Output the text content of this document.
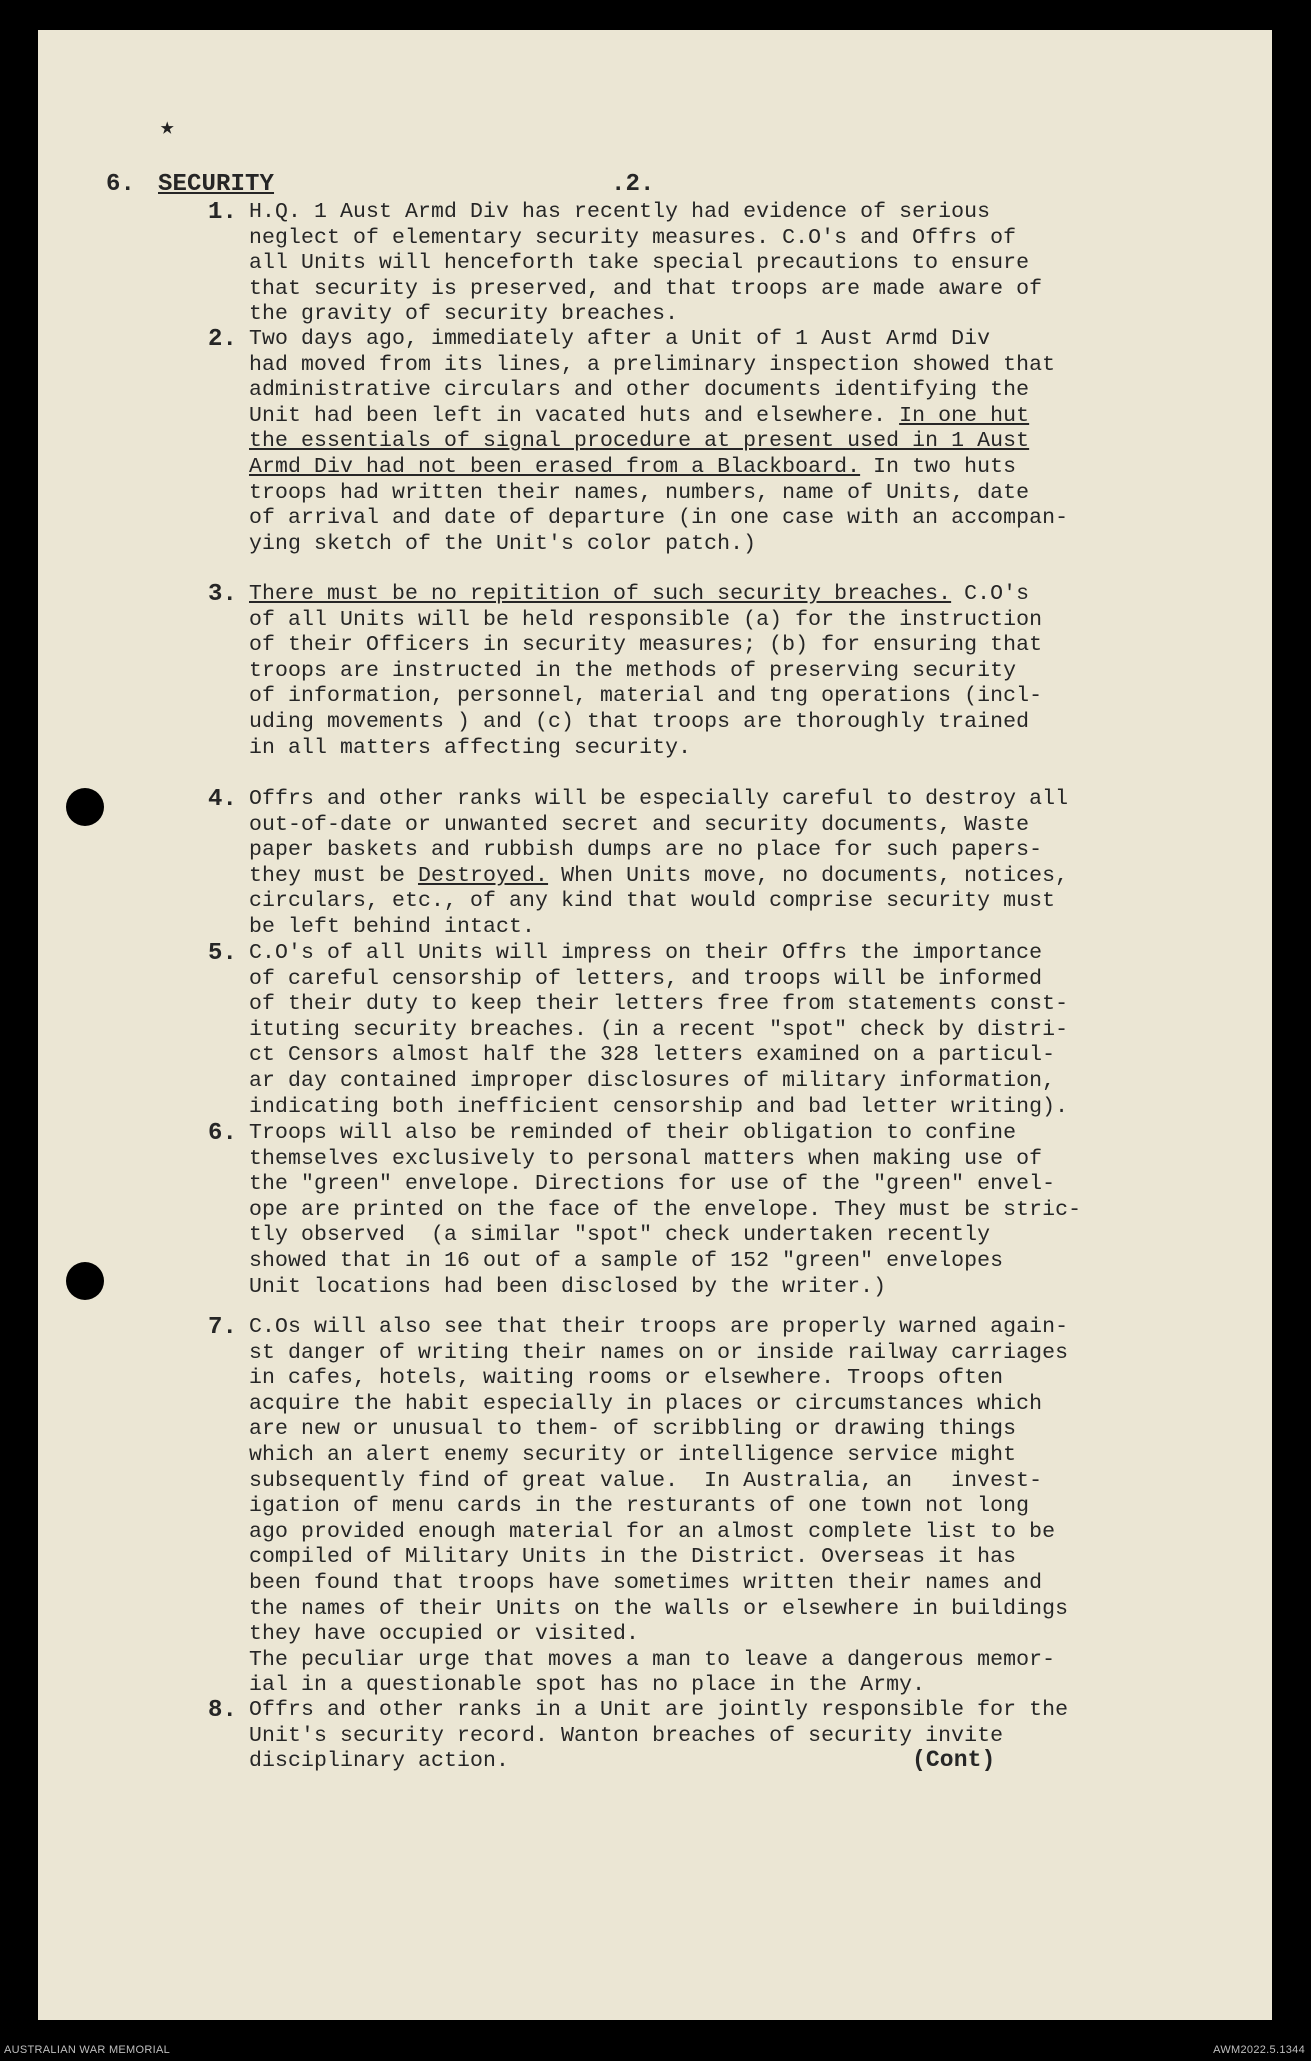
★
6. SECURITY	.2.
1. H.Q. 1 Aust Armd Div has recently had evidence of serious
neglect of elementary security measures. C.O's and Offrs of
all Units will henceforth take special precautions to ensure
that security is preserved, and that troops are made aware of
the gravity of security breaches.
2. Two days ago, immediately after a Unit of 1 Aust Armd Div
had moved from its lines, a preliminary inspection showed that
administrative circulars and other documents identifying the
Unit had been left in vacated huts and elsewhere. In one hut
the essentials of signal procedure at present used in 1 Aust
Armd Div had not been erased from a Blackboard. In two huts
troops had written their names, numbers, name of Units, date
of arrival and date of departure (in one case with an accompan-
ying sketch of the Unit's color patch.)
3. There must be no repitition of such security breaches. C.O's
of all Units will be held responsible (a) for the instruction
of their Officers in security measures; (b) for ensuring that
troops are instructed in the methods of preserving security
of information, personnel, material and tng operations (incl-
uding movements ) and (c) that troops are thoroughly trained
in all matters affecting security.
4. Offrs and other ranks will be especially careful to destroy all
out-of-date or unwanted secret and security documents, Waste
paper baskets and rubbish dumps are no place for such papers-
they must be Destroyed. When Units move, no documents, notices,
circulars, etc., of any kind that would comprise security must
be left behind intact.
5. C.O's of all Units will impress on their Offrs the importance
of careful censorship of letters, and troops will be informed
of their duty to keep their letters free from statements const-
ituting security breaches. (in a recent "spot" check by distri-
ct Censors almost half the 328 letters examined on a particul-
ar day contained improper disclosures of military information,
indicating both inefficient censorship and bad letter writing).
6. Troops will also be reminded of their obligation to confine
themselves exclusively to personal matters when making use of
the "green" envelope. Directions for use of the "green" envel-
ope are printed on the face of the envelope. They must be stric-
tly observed  (a similar "spot" check undertaken recently
showed that in 16 out of a sample of 152 "green" envelopes
Unit locations had been disclosed by the writer.)
7. C.Os will also see that their troops are properly warned again-
st danger of writing their names on or inside railway carriages
in cafes, hotels, waiting rooms or elsewhere. Troops often
acquire the habit especially in places or circumstances which
are new or unusual to them- of scribbling or drawing things
which an alert enemy security or intelligence service might
subsequently find of great value.  In Australia, an   invest-
igation of menu cards in the resturants of one town not long
ago provided enough material for an almost complete list to be
compiled of Military Units in the District. Overseas it has
been found that troops have sometimes written their names and
the names of their Units on the walls or elsewhere in buildings
they have occupied or visited.
The peculiar urge that moves a man to leave a dangerous memor-
ial in a questionable spot has no place in the Army.
8. Offrs and other ranks in a Unit are jointly responsible for the
Unit's security record. Wanton breaches of security invite
disciplinary action.	(Cont)
AUSTRALIAN WAR MEMORIAL	AWM2022.5.1344
